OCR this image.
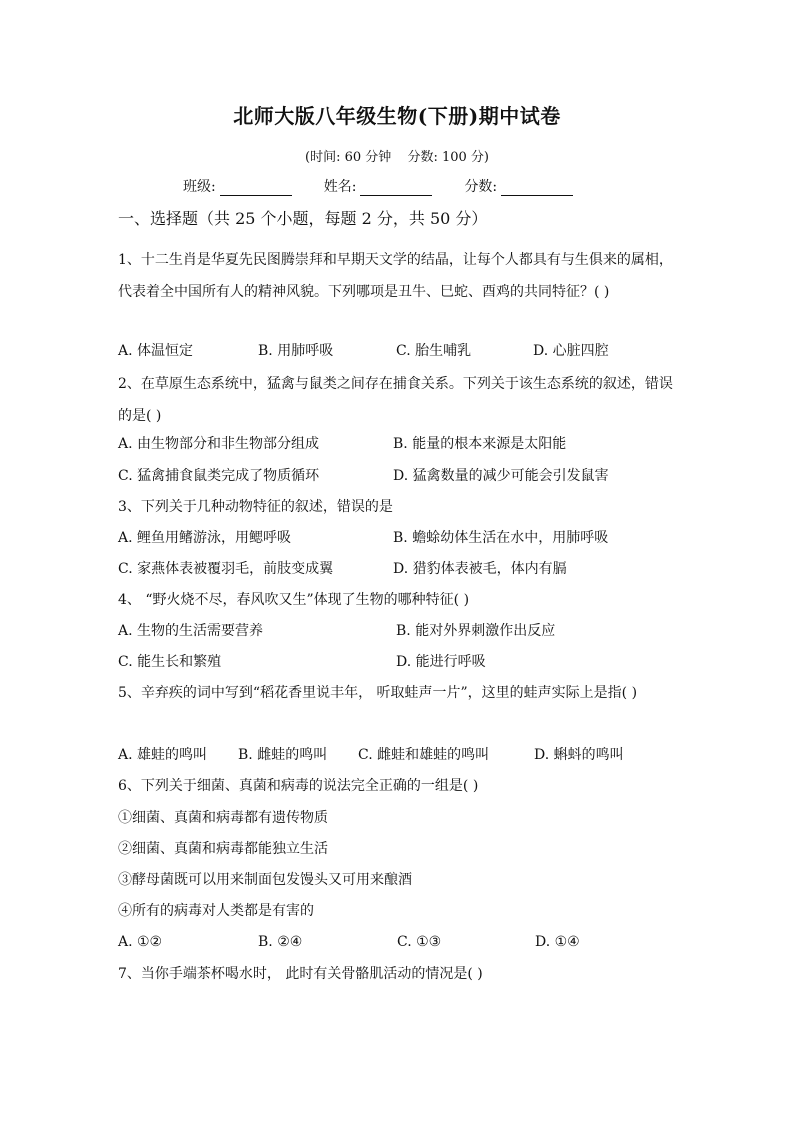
北师大版八年级生物(下册)期中试卷
(时间: 60 分钟 分数: 100 分)
班级:	姓名:	分数:
一、选择题（共 25 个小题，每题 2 分，共 50 分）
1、十二生肖是华夏先民图腾崇拜和早期天文学的结晶，让每个人都具有与生俱来的属相，代表着全中国所有人的精神风貌。下列哪项是丑牛、巳蛇、酉鸡的共同特征？( )
A. 体温恒定	B. 用肺呼吸	C. 胎生哺乳	D. 心脏四腔
2、在草原生态系统中，猛禽与鼠类之间存在捕食关系。下列关于该生态系统的叙述，错误的是( )
A. 由生物部分和非生物部分组成	B. 能量的根本来源是太阳能
C. 猛禽捕食鼠类完成了物质循环	D. 猛禽数量的减少可能会引发鼠害
3、下列关于几种动物特征的叙述，错误的是
A. 鲤鱼用鳍游泳，用鳃呼吸	B. 蟾蜍幼体生活在水中，用肺呼吸
C. 家燕体表被覆羽毛，前肢变成翼	D. 猎豹体表被毛，体内有膈
4、 “野火烧不尽，春风吹又生”体现了生物的哪种特征( )
A. 生物的生活需要营养	B. 能对外界刺激作出反应
C. 能生长和繁殖	D. 能进行呼吸
5、辛弃疾的词中写到“稻花香里说丰年， 听取蛙声一片”，这里的蛙声实际上是指( )
A. 雄蛙的鸣叫 B. 雌蛙的鸣叫 C. 雌蛙和雄蛙的鸣叫	D. 蝌蚪的鸣叫
6、下列关于细菌、真菌和病毒的说法完全正确的一组是( )
①细菌、真菌和病毒都有遗传物质
②细菌、真菌和病毒都能独立生活
③酵母菌既可以用来制面包发馒头又可用来酿酒
④所有的病毒对人类都是有害的
A. ①②	B. ②④	C. ①③	D. ①④
7、当你手端茶杯喝水时， 此时有关骨骼肌活动的情况是( )
